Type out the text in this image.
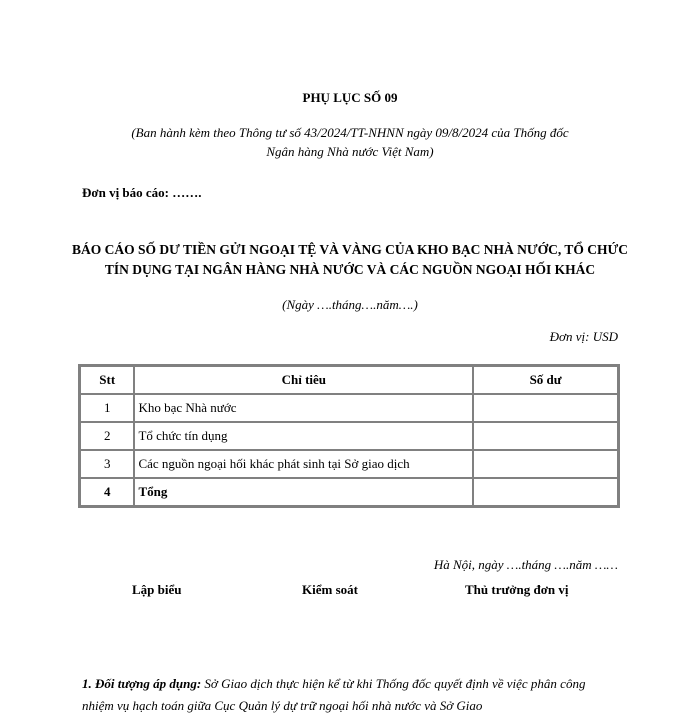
PHỤ LỤC SỐ 09
(Ban hành kèm theo Thông tư số 43/2024/TT-NHNN ngày 09/8/2024 của Thống đốc
Ngân hàng Nhà nước Việt Nam)
Đơn vị báo cáo: …….
BÁO CÁO SỐ DƯ TIỀN GỬI NGOẠI TỆ VÀ VÀNG CỦA KHO BẠC NHÀ NƯỚC, TỔ CHỨC TÍN DỤNG TẠI NGÂN HÀNG NHÀ NƯỚC VÀ CÁC NGUỒN NGOẠI HỐI KHÁC
(Ngày ….tháng….năm….)
Đơn vị: USD
Stt	Chỉ tiêu	Số dư
1	Kho bạc Nhà nước	
2	Tổ chức tín dụng	
3	Các nguồn ngoại hối khác phát sinh tại Sở giao dịch	
4	Tổng	
Hà Nội, ngày ….tháng ….năm ……
Lập biểu	Kiểm soát	Thủ trưởng đơn vị
1. Đối tượng áp dụng: Sở Giao dịch thực hiện kể từ khi Thống đốc quyết định về việc phân công nhiệm vụ hạch toán giữa Cục Quản lý dự trữ ngoại hối nhà nước và Sở Giao
